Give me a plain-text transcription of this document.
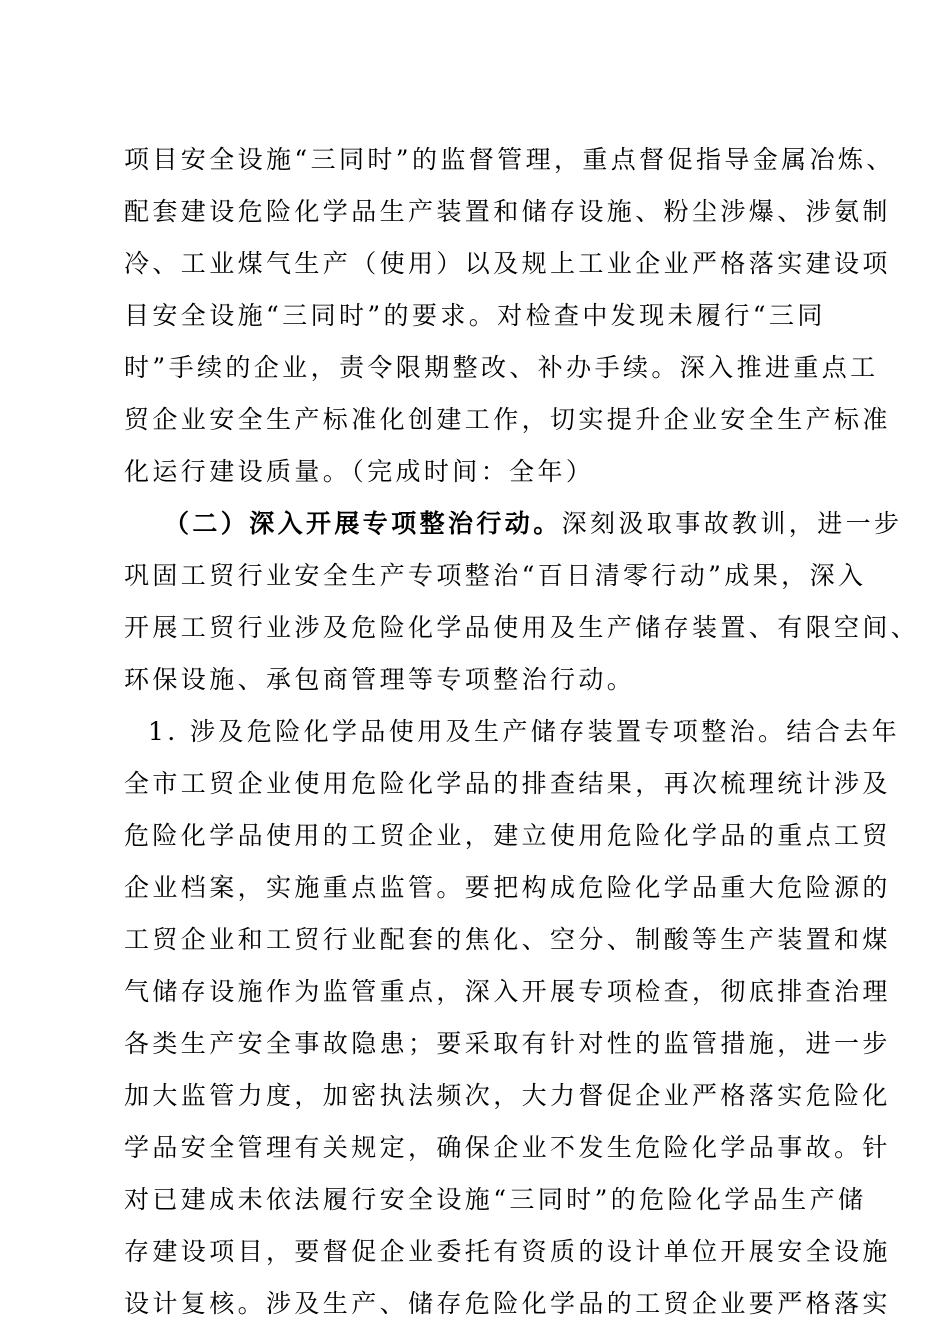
项目安全设施“三同时”的监督管理，重点督促指导金属冶炼、
配套建设危险化学品生产装置和储存设施、粉尘涉爆、涉氨制
冷、工业煤气生产（使用）以及规上工业企业严格落实建设项
目安全设施“三同时”的要求。对检查中发现未履行“三同
时”手续的企业，责令限期整改、补办手续。深入推进重点工
贸企业安全生产标准化创建工作，切实提升企业安全生产标准
化运行建设质量。（完成时间：全年）
（二）深入开展专项整治行动。深刻汲取事故教训，进一步
巩固工贸行业安全生产专项整治“百日清零行动”成果，深入
开展工贸行业涉及危险化学品使用及生产储存装置、有限空间、
环保设施、承包商管理等专项整治行动。
1. 涉及危险化学品使用及生产储存装置专项整治。结合去年
全市工贸企业使用危险化学品的排查结果，再次梳理统计涉及
危险化学品使用的工贸企业，建立使用危险化学品的重点工贸
企业档案，实施重点监管。要把构成危险化学品重大危险源的
工贸企业和工贸行业配套的焦化、空分、制酸等生产装置和煤
气储存设施作为监管重点，深入开展专项检查，彻底排查治理
各类生产安全事故隐患；要采取有针对性的监管措施，进一步
加大监管力度，加密执法频次，大力督促企业严格落实危险化
学品安全管理有关规定，确保企业不发生危险化学品事故。针
对已建成未依法履行安全设施“三同时”的危险化学品生产储
存建设项目，要督促企业委托有资质的设计单位开展安全设施
设计复核。涉及生产、储存危险化学品的工贸企业要严格落实
